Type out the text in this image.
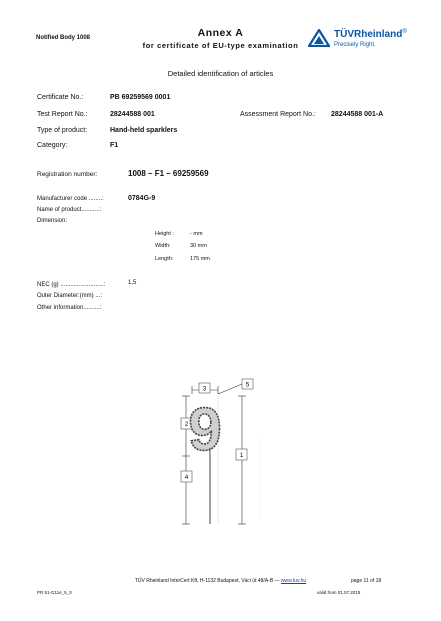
Notified Body 1008	Annex A
for certificate of EU-type examination
TÜVRheinland®
Precisely Right.
Detailed identification of articles
Certificate No.:	PB 69259569 0001
Test Report No.:	28244588 001	Assessment Report No.: 28244588 001-A
Type of product:	Hand-held sparklers
Category:	F1
Registration number:	1008 – F1 – 69259569
Manufacturer code ........:	0784G-9
Name of product...........:
Dimension:
Height :	- mm
Width:	30 mm
Length:	175 mm
NEC (g) ..........................:	1,5
Outer Diameter:(mm) ...:
Other information..........:
3
5
2
4
1
9
TÜV Rheinland InterCert Kft. H-1132 Budapest, Váci út 48/A-B — www.tuv.hu	page 11 of 18
PR 51-G11e_5_0	valid from 01.07.2015
